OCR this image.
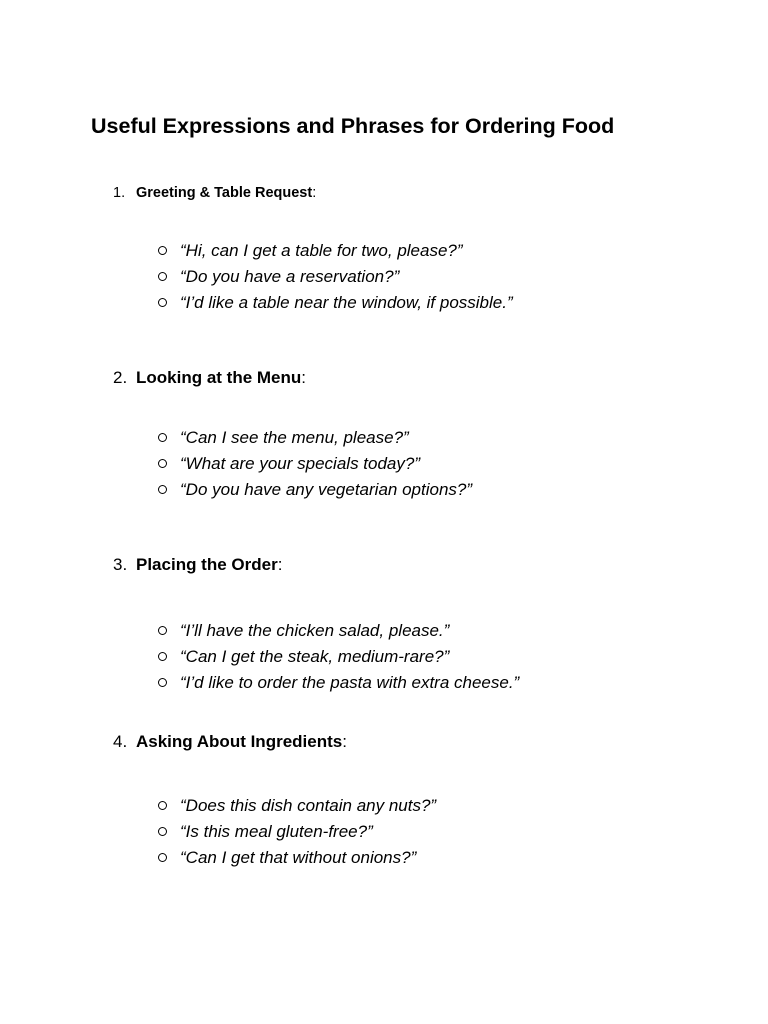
Useful Expressions and Phrases for Ordering Food
1. Greeting & Table Request:
“Hi, can I get a table for two, please?”
“Do you have a reservation?”
“I’d like a table near the window, if possible.”
2. Looking at the Menu:
“Can I see the menu, please?”
“What are your specials today?”
“Do you have any vegetarian options?”
3. Placing the Order:
“I’ll have the chicken salad, please.”
“Can I get the steak, medium-rare?”
“I’d like to order the pasta with extra cheese.”
4. Asking About Ingredients:
“Does this dish contain any nuts?”
“Is this meal gluten-free?”
“Can I get that without onions?”
